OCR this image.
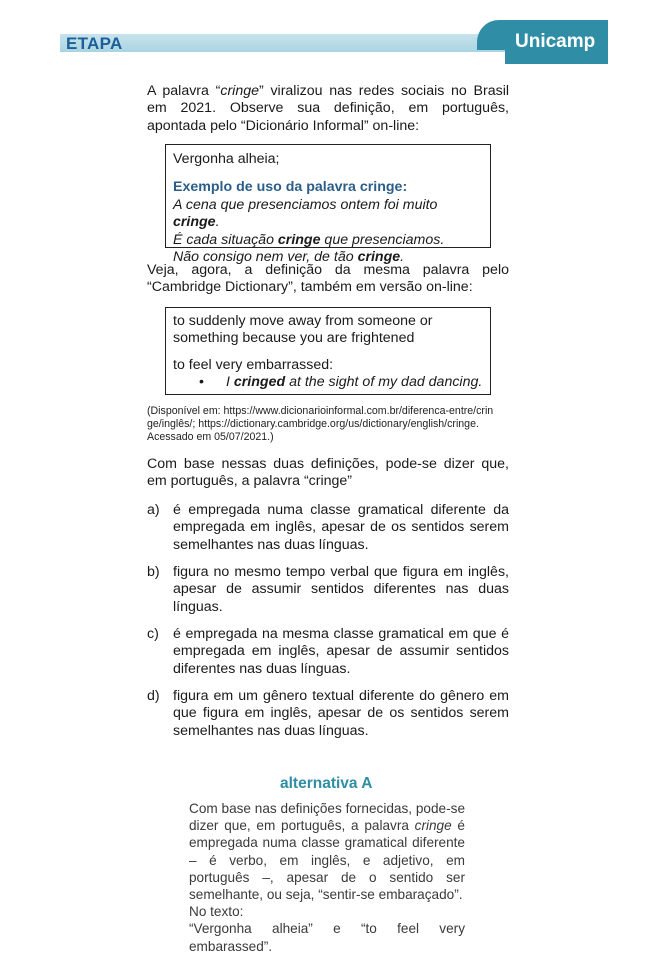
ETAPA	Unicamp
A palavra “cringe” viralizou nas redes sociais no Brasil em 2021. Observe sua definição, em português, apontada pelo “Dicionário Informal” on-line:
Vergonha alheia;
Exemplo de uso da palavra cringe:
A cena que presenciamos ontem foi muito cringe.
É cada situação cringe que presenciamos.
Não consigo nem ver, de tão cringe.
Veja, agora, a definição da mesma palavra pelo “Cambridge Dictionary”, também em versão on-line:
to suddenly move away from someone or something because you are frightened
to feel very embarrassed:
•	I cringed at the sight of my dad dancing.
(Disponível em: https://www.dicionarioinformal.com.br/diferenca-entre/crin
ge/inglês/; https://dictionary.cambridge.org/us/dictionary/english/cringe.
Acessado em 05/07/2021.)
Com base nessas duas definições, pode-se dizer que, em português, a palavra “cringe”
a) é empregada numa classe gramatical diferente da empregada em inglês, apesar de os sentidos serem semelhantes nas duas línguas.
b) figura no mesmo tempo verbal que figura em inglês, apesar de assumir sentidos diferentes nas duas línguas.
c) é empregada na mesma classe gramatical em que é empregada em inglês, apesar de assumir sentidos diferentes nas duas línguas.
d) figura em um gênero textual diferente do gênero em que figura em inglês, apesar de os sentidos serem semelhantes nas duas línguas.
alternativa A
Com base nas definições fornecidas, pode-se dizer que, em português, a palavra cringe é empregada numa classe gramatical diferente – é verbo, em inglês, e adjetivo, em português –, apesar de o sentido ser semelhante, ou seja, “sentir-se embaraçado”.
No texto:
“Vergonha alheia” e “to feel very embarassed”.
